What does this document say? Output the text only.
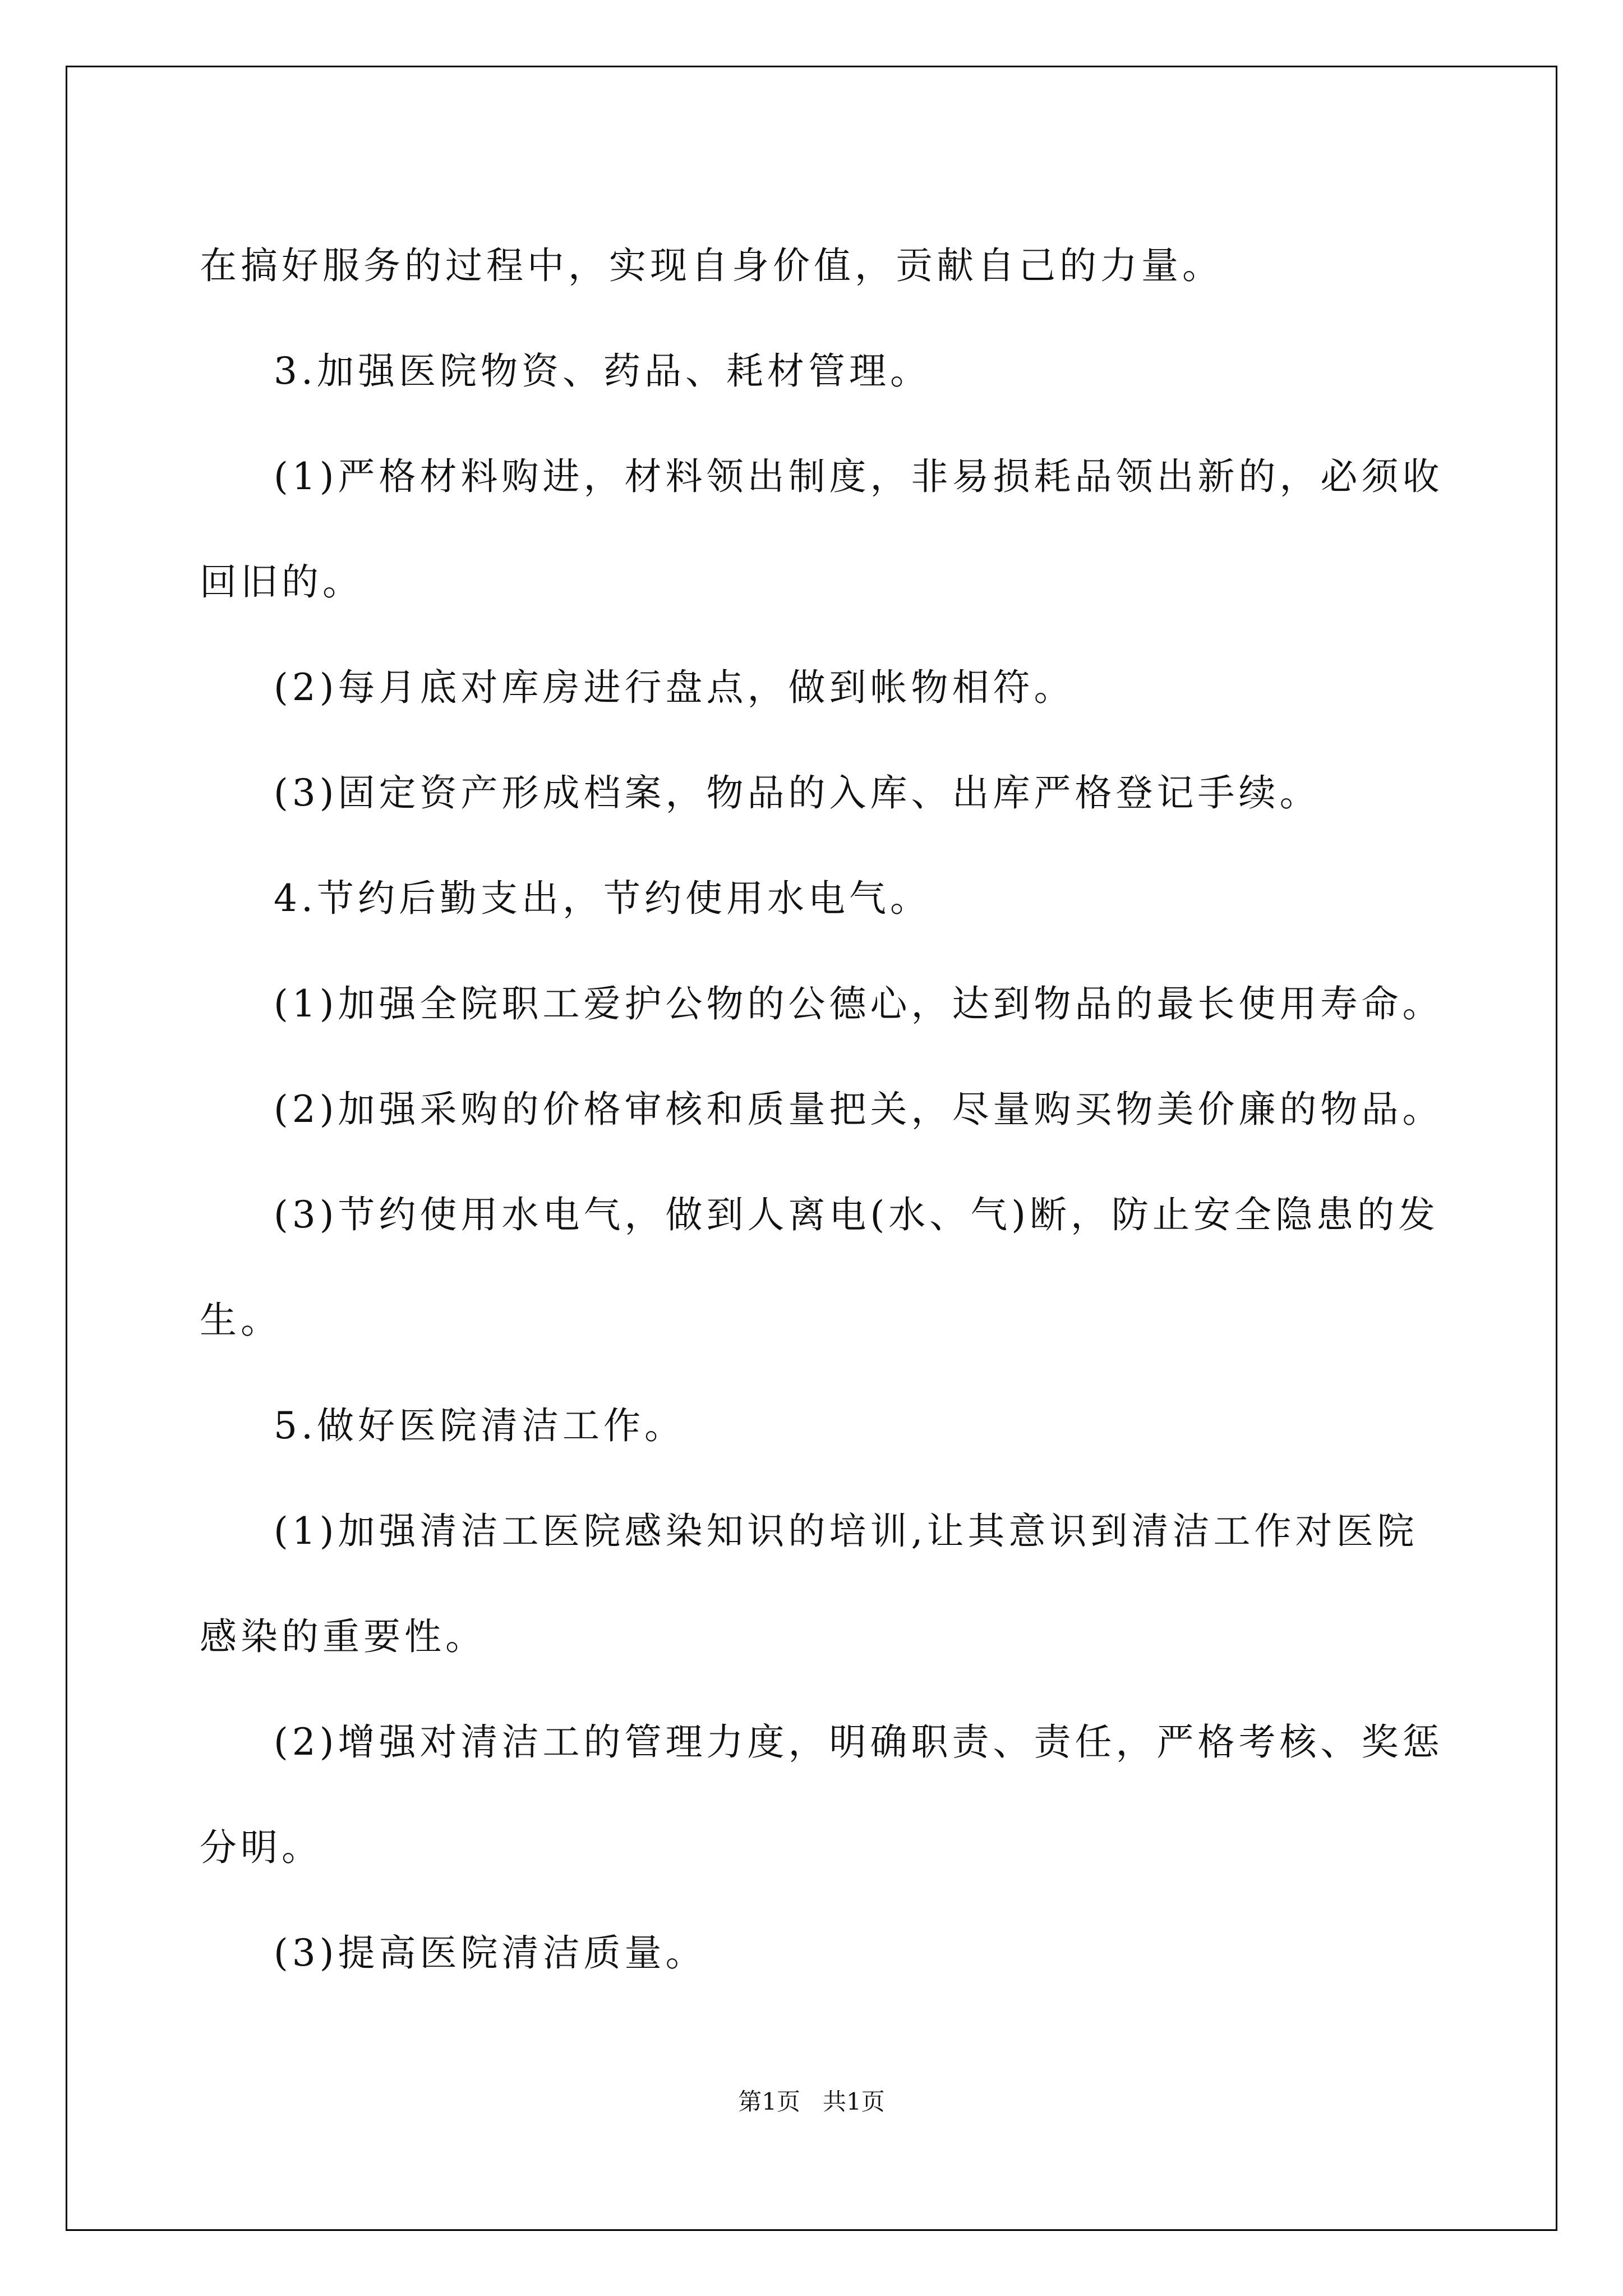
在搞好服务的过程中，实现自身价值，贡献自己的力量。

3.加强医院物资、药品、耗材管理。

(1)严格材料购进，材料领出制度，非易损耗品领出新的，必须收

回旧的。

(2)每月底对库房进行盘点，做到帐物相符。

(3)固定资产形成档案，物品的入库、出库严格登记手续。

4.节约后勤支出，节约使用水电气。

(1)加强全院职工爱护公物的公德心，达到物品的最长使用寿命。

(2)加强采购的价格审核和质量把关，尽量购买物美价廉的物品。

(3)节约使用水电气，做到人离电(水、气)断，防止安全隐患的发

生。

5.做好医院清洁工作。

(1)加强清洁工医院感染知识的培训,让其意识到清洁工作对医院

感染的重要性。

(2)增强对清洁工的管理力度，明确职责、责任，严格考核、奖惩

分明。

(3)提高医院清洁质量。

第1页   共1页
